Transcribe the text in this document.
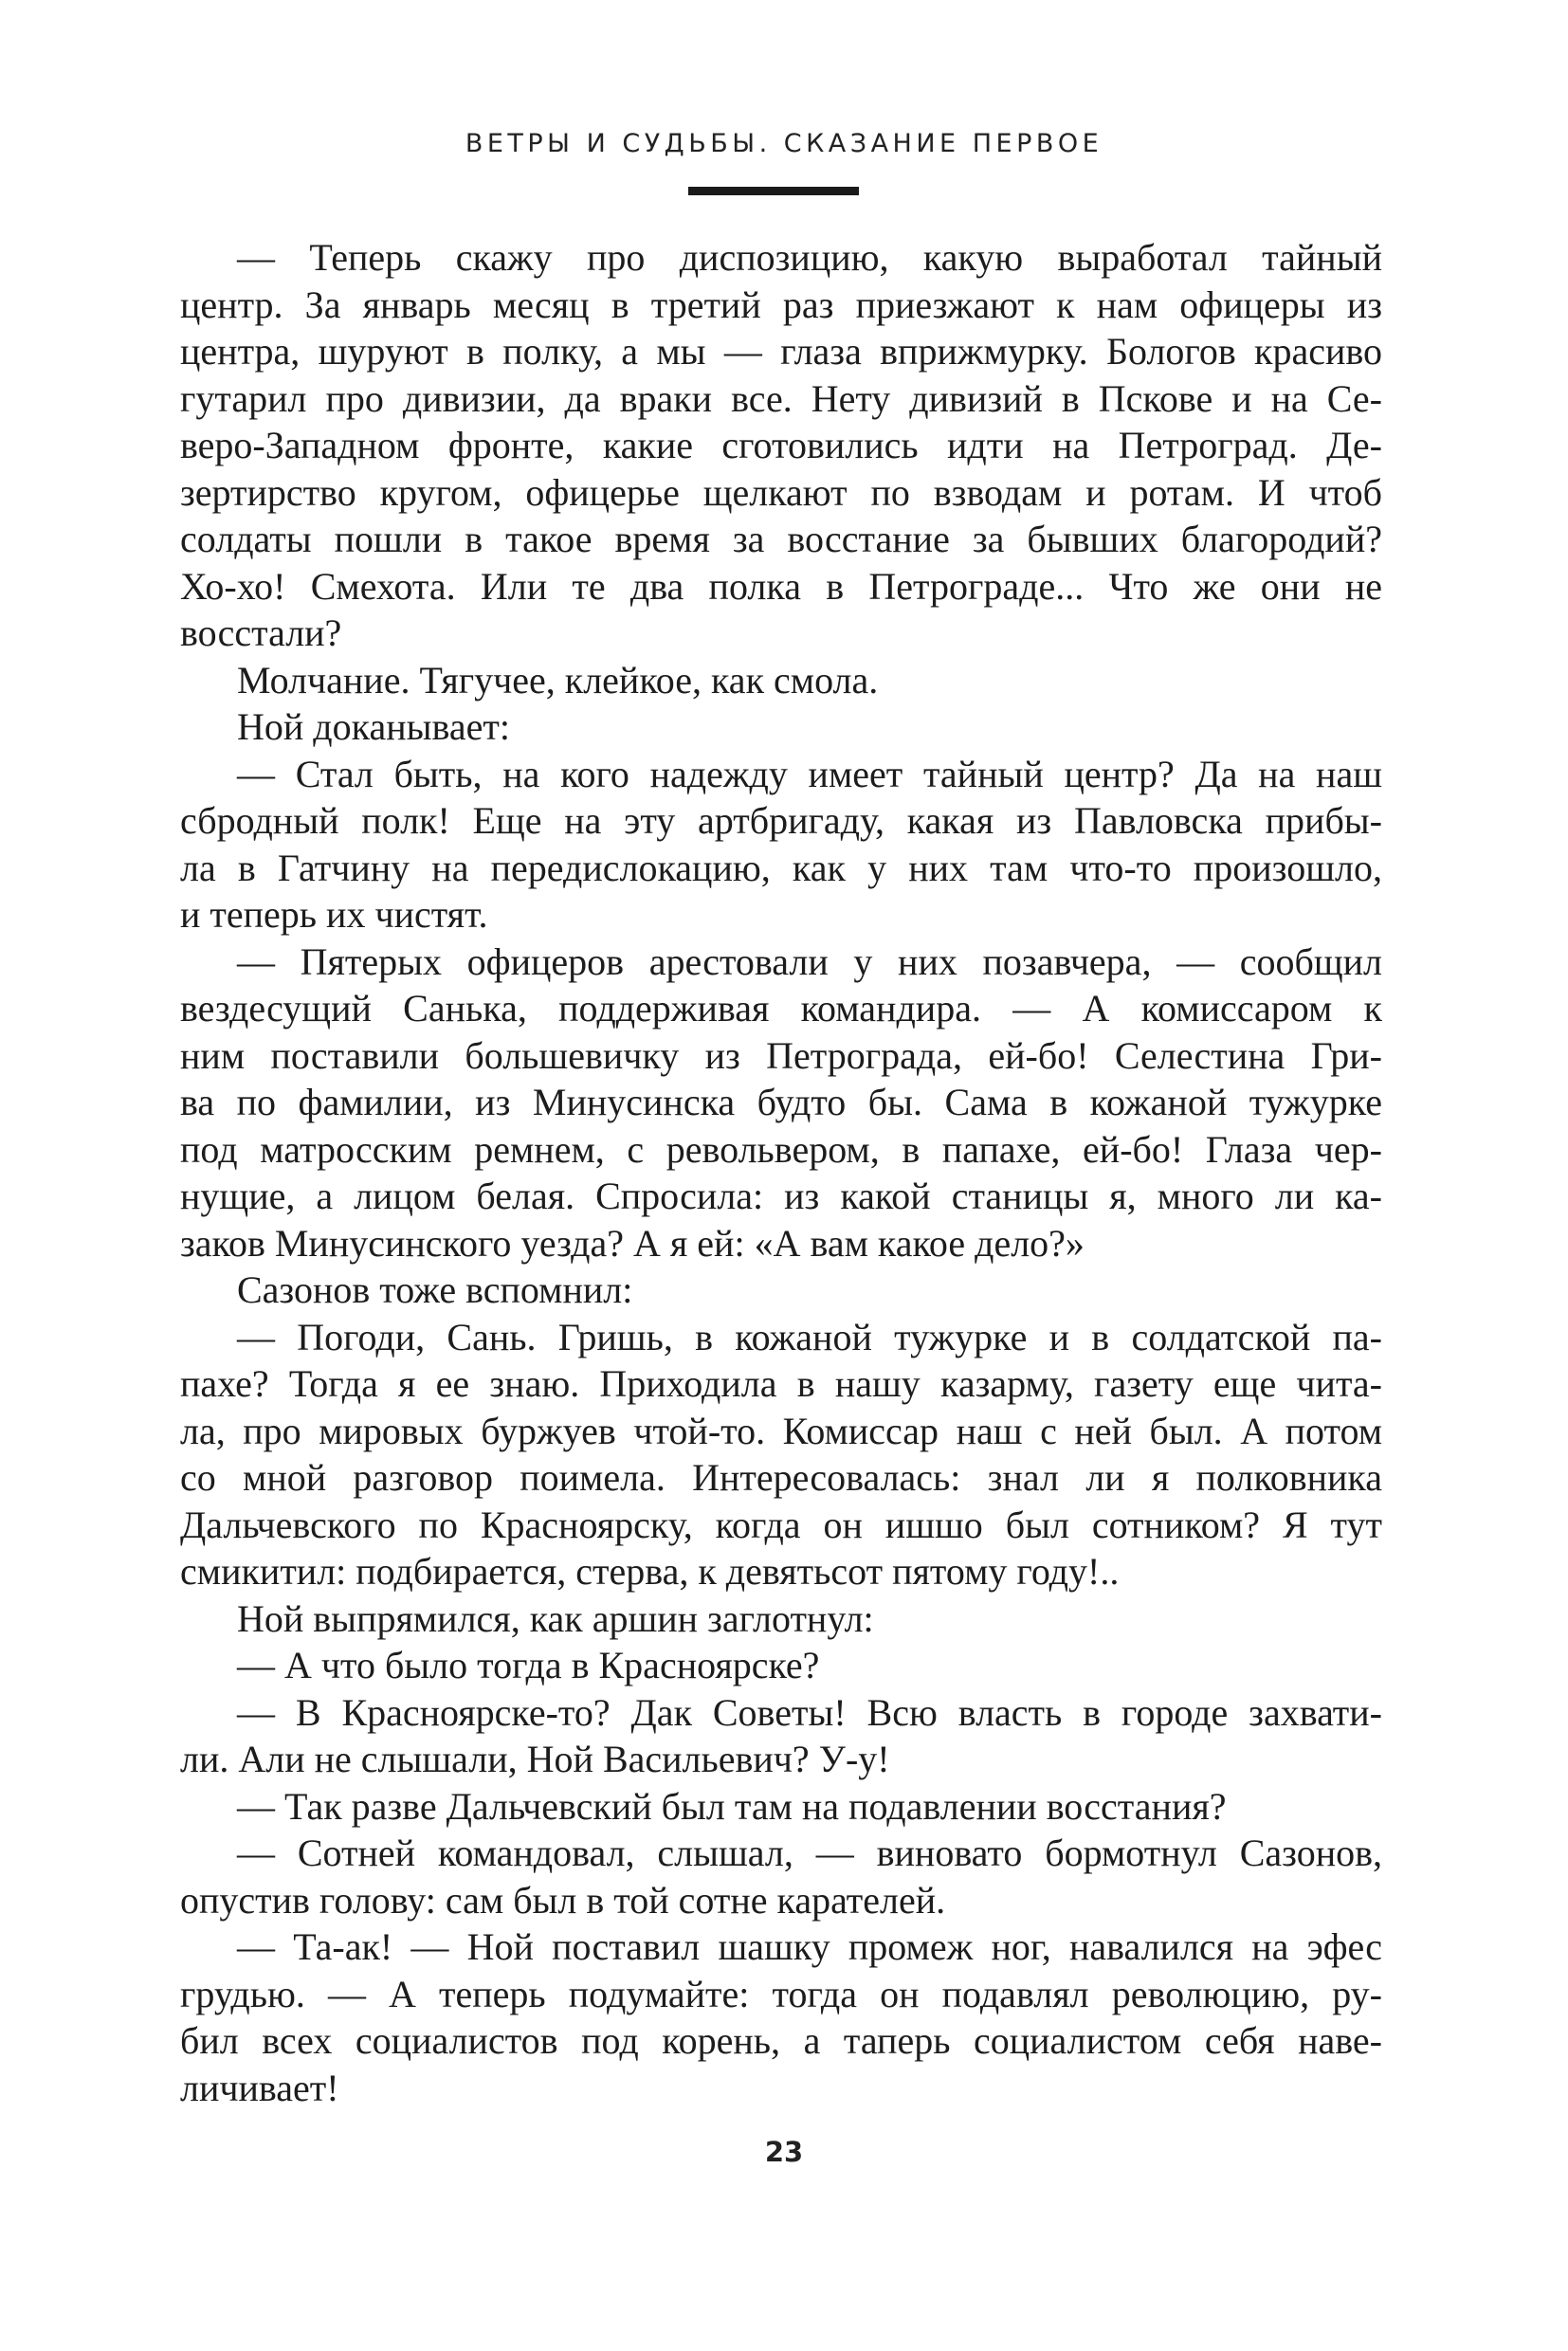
ВЕТРЫ И СУДЬБЫ. СКАЗАНИЕ ПЕРВОЕ
— Теперь скажу про диспозицию, какую выработал тайный
центр. За январь месяц в третий раз приезжают к нам офицеры из
центра, шуруют в полку, а мы — глаза вприжмурку. Бологов красиво
гутарил про дивизии, да враки все. Нету дивизий в Пскове и на Се-
веро-Западном фронте, какие сготовились идти на Петроград. Де-
зертирство кругом, офицерье щелкают по взводам и ротам. И чтоб
солдаты пошли в такое время за восстание за бывших благородий?
Хо-хо! Смехота. Или те два полка в Петрограде... Что же они не
восстали?
Молчание. Тягучее, клейкое, как смола.
Ной доканывает:
— Стал быть, на кого надежду имеет тайный центр? Да на наш
сбродный полк! Еще на эту артбригаду, какая из Павловска прибы-
ла в Гатчину на передислокацию, как у них там что-то произошло,
и теперь их чистят.
— Пятерых офицеров арестовали у них позавчера, — сообщил
вездесущий Санька, поддерживая командира. — А комиссаром к
ним поставили большевичку из Петрограда, ей-бо! Селестина Гри-
ва по фамилии, из Минусинска будто бы. Сама в кожаной тужурке
под матросским ремнем, с револьвером, в папахе, ей-бо! Глаза чер-
нущие, а лицом белая. Спросила: из какой станицы я, много ли ка-
заков Минусинского уезда? А я ей: «А вам какое дело?»
Сазонов тоже вспомнил:
— Погоди, Сань. Гришь, в кожаной тужурке и в солдатской па-
пахе? Тогда я ее знаю. Приходила в нашу казарму, газету еще чита-
ла, про мировых буржуев чтой-то. Комиссар наш с ней был. А потом
со мной разговор поимела. Интересовалась: знал ли я полковника
Дальчевского по Красноярску, когда он ишшо был сотником? Я тут
смикитил: подбирается, стерва, к девятьсот пятому году!..
Ной выпрямился, как аршин заглотнул:
— А что было тогда в Красноярске?
— В Красноярске-то? Дак Советы! Всю власть в городе захвати-
ли. Али не слышали, Ной Васильевич? У-у!
— Так разве Дальчевский был там на подавлении восстания?
— Сотней командовал, слышал, — виновато бормотнул Сазонов,
опустив голову: сам был в той сотне карателей.
— Та-ак! — Ной поставил шашку промеж ног, навалился на эфес
грудью. — А теперь подумайте: тогда он подавлял революцию, ру-
бил всех социалистов под корень, а таперь социалистом себя наве-
личивает!
23
